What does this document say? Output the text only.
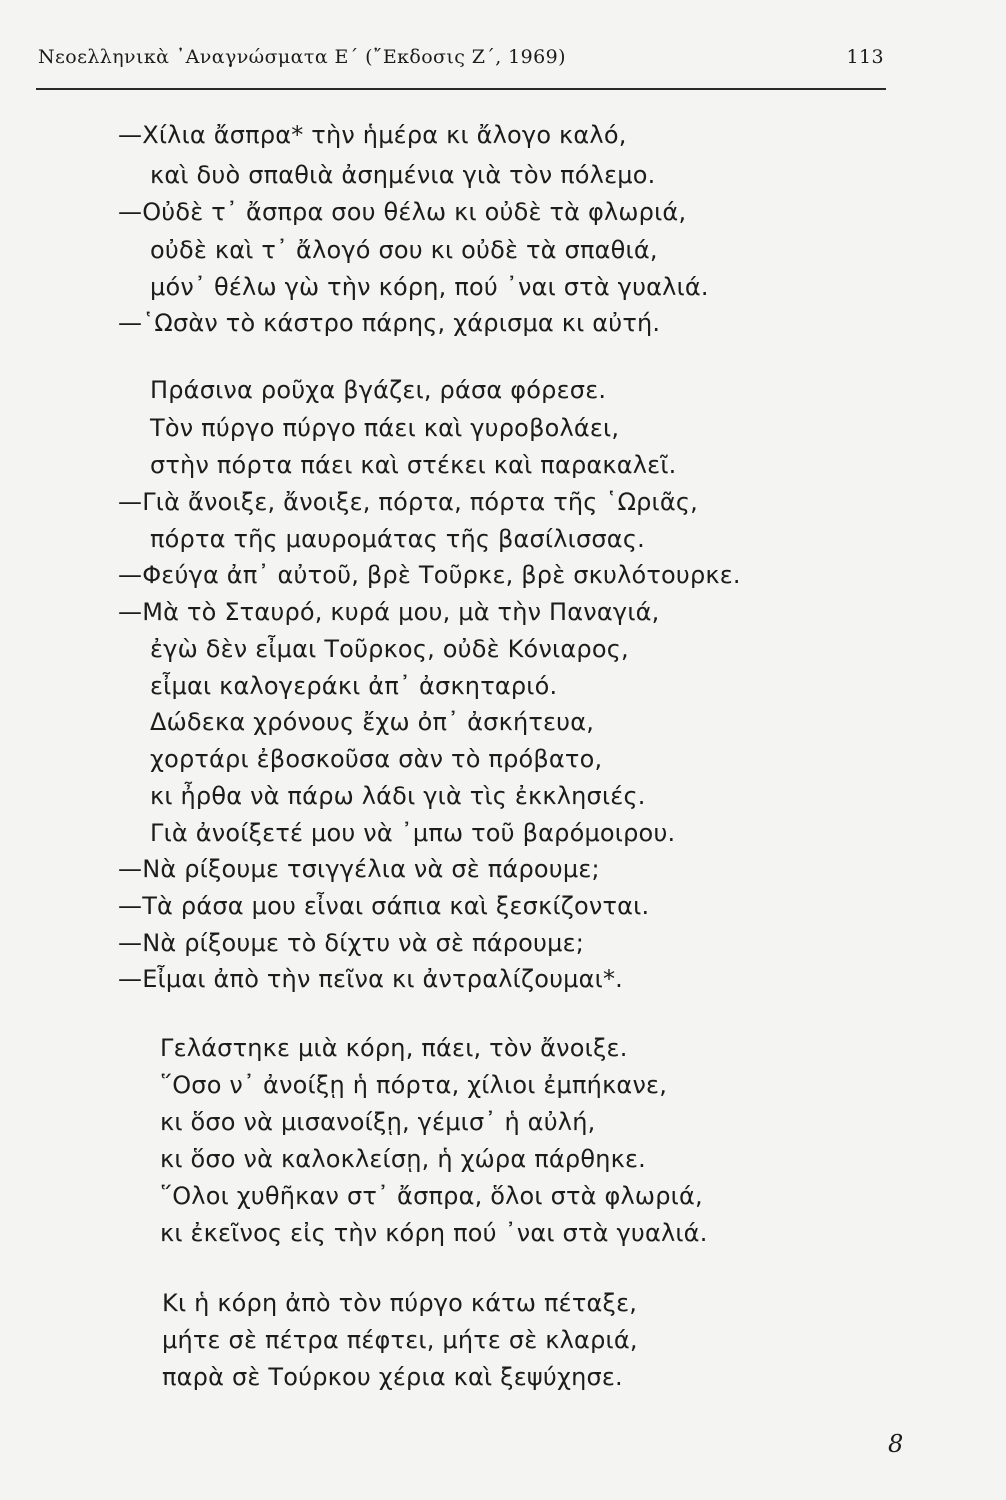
Νεοελληνικὰ ᾿Αναγνώσματα Ε΄ (῎Εκδοσις Ζ΄, 1969)	113
—Χίλια ἄσπρα* τὴν ἡμέρα κι ἄλογο καλό,
καὶ δυὸ σπαθιὰ ἀσημένια γιὰ τὸν πόλεμο.
—Οὐδὲ τ᾿ ἄσπρα σου θέλω κι οὐδὲ τὰ φλωριά,
οὐδὲ καὶ τ᾿ ἄλογό σου κι οὐδὲ τὰ σπαθιά,
μόν᾿ θέλω γὼ τὴν κόρη, πού ᾿ναι στὰ γυαλιά.
—῾Ωσὰν τὸ κάστρο πάρης, χάρισμα κι αὐτή.
Πράσινα ροῦχα βγάζει, ράσα φόρεσε.
Τὸν πύργο πύργο πάει καὶ γυροβολάει,
στὴν πόρτα πάει καὶ στέκει καὶ παρακαλεῖ.
—Γιὰ ἄνοιξε, ἄνοιξε, πόρτα, πόρτα τῆς ῾Ωριᾶς,
πόρτα τῆς μαυρομάτας τῆς βασίλισσας.
—Φεύγα ἀπ᾿ αὐτοῦ, βρὲ Τοῦρκε, βρὲ σκυλότουρκε.
—Μὰ τὸ Σταυρό, κυρά μου, μὰ τὴν Παναγιά,
ἐγὼ δὲν εἶμαι Τοῦρκος, οὐδὲ Κόνιαρος,
εἶμαι καλογεράκι ἀπ᾿ ἀσκηταριό.
Δώδεκα χρόνους ἔχω ὀπ᾿ ἀσκήτευα,
χορτάρι ἐβοσκοῦσα σὰν τὸ πρόβατο,
κι ἦρθα νὰ πάρω λάδι γιὰ τὶς ἐκκλησιές.
Γιὰ ἀνοίξετέ μου νὰ ᾿μπω τοῦ βαρόμοιρου.
—Νὰ ρίξουμε τσιγγέλια νὰ σὲ πάρουμε;
—Τὰ ράσα μου εἶναι σάπια καὶ ξεσκίζονται.
—Νὰ ρίξουμε τὸ δίχτυ νὰ σὲ πάρουμε;
—Εἶμαι ἀπὸ τὴν πεῖνα κι ἀντραλίζουμαι*.
Γελάστηκε μιὰ κόρη, πάει, τὸν ἄνοιξε.
῞Οσο ν᾿ ἀνοίξῃ ἡ πόρτα, χίλιοι ἐμπήκανε,
κι ὅσο νὰ μισανοίξῃ, γέμισ᾿ ἡ αὐλή,
κι ὅσο νὰ καλοκλείσῃ, ἡ χώρα πάρθηκε.
῞Ολοι χυθῆκαν στ᾿ ἄσπρα, ὅλοι στὰ φλωριά,
κι ἐκεῖνος εἰς τὴν κόρη πού ᾿ναι στὰ γυαλιά.
Κι ἡ κόρη ἀπὸ τὸν πύργο κάτω πέταξε,
μήτε σὲ πέτρα πέφτει, μήτε σὲ κλαριά,
παρὰ σὲ Τούρκου χέρια καὶ ξεψύχησε.
8
